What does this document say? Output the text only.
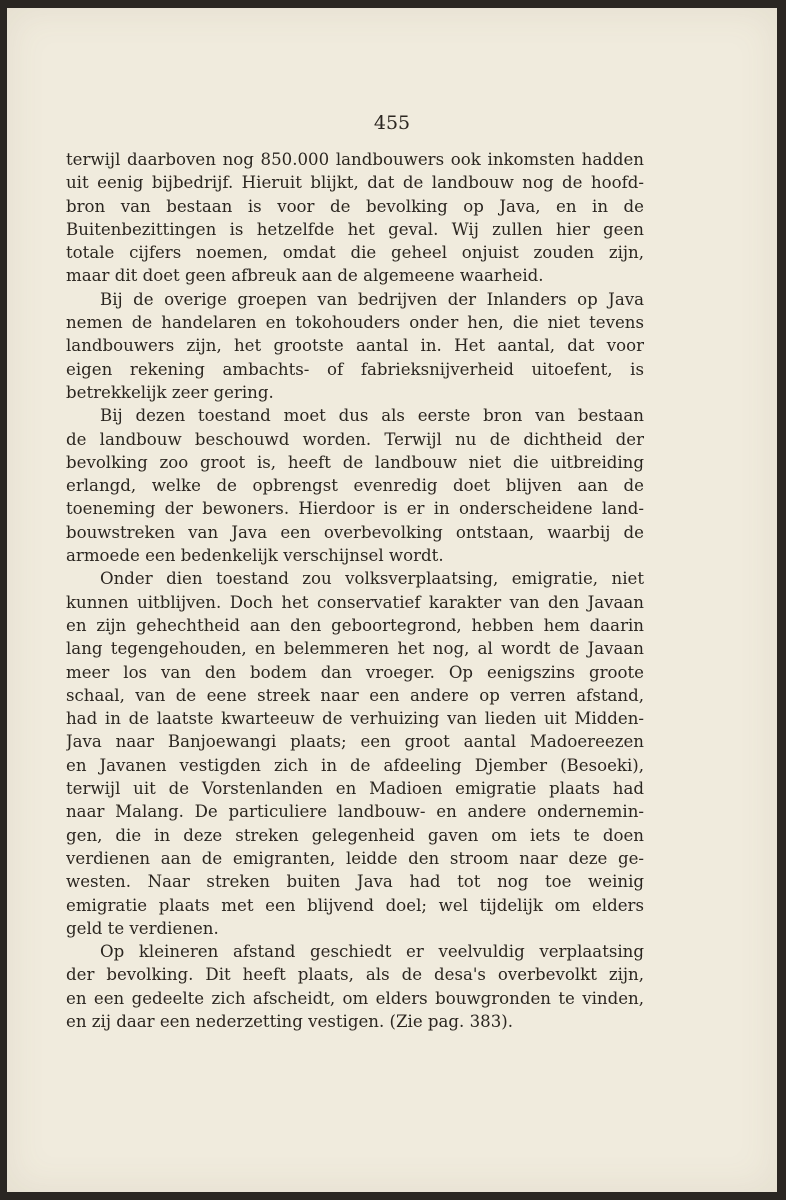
455

terwijl daarboven nog 850.000 landbouwers ook inkomsten hadden
uit eenig bijbedrijf. Hieruit blijkt, dat de landbouw nog de hoofd-
bron van bestaan is voor de bevolking op Java, en in de
Buitenbezittingen is hetzelfde het geval. Wij zullen hier geen
totale cijfers noemen, omdat die geheel onjuist zouden zijn,
maar dit doet geen afbreuk aan de algemeene waarheid.
Bij de overige groepen van bedrijven der Inlanders op Java
nemen de handelaren en tokohouders onder hen, die niet tevens
landbouwers zijn, het grootste aantal in. Het aantal, dat voor
eigen rekening ambachts- of fabrieksnijverheid uitoefent, is
betrekkelijk zeer gering.
Bij dezen toestand moet dus als eerste bron van bestaan
de landbouw beschouwd worden. Terwijl nu de dichtheid der
bevolking zoo groot is, heeft de landbouw niet die uitbreiding
erlangd, welke de opbrengst evenredig doet blijven aan de
toeneming der bewoners. Hierdoor is er in onderscheidene land-
bouwstreken van Java een overbevolking ontstaan, waarbij de
armoede een bedenkelijk verschijnsel wordt.
Onder dien toestand zou volksverplaatsing, emigratie, niet
kunnen uitblijven. Doch het conservatief karakter van den Javaan
en zijn gehechtheid aan den geboortegrond, hebben hem daarin
lang tegengehouden, en belemmeren het nog, al wordt de Javaan
meer los van den bodem dan vroeger. Op eenigszins groote
schaal, van de eene streek naar een andere op verren afstand,
had in de laatste kwarteeuw de verhuizing van lieden uit Midden-
Java naar Banjoewangi plaats; een groot aantal Madoereezen
en Javanen vestigden zich in de afdeeling Djember (Besoeki),
terwijl uit de Vorstenlanden en Madioen emigratie plaats had
naar Malang. De particuliere landbouw- en andere ondernemin-
gen, die in deze streken gelegenheid gaven om iets te doen
verdienen aan de emigranten, leidde den stroom naar deze ge-
westen. Naar streken buiten Java had tot nog toe weinig
emigratie plaats met een blijvend doel; wel tijdelijk om elders
geld te verdienen.
Op kleineren afstand geschiedt er veelvuldig verplaatsing
der bevolking. Dit heeft plaats, als de desa's overbevolkt zijn,
en een gedeelte zich afscheidt, om elders bouwgronden te vinden,
en zij daar een nederzetting vestigen. (Zie pag. 383).
